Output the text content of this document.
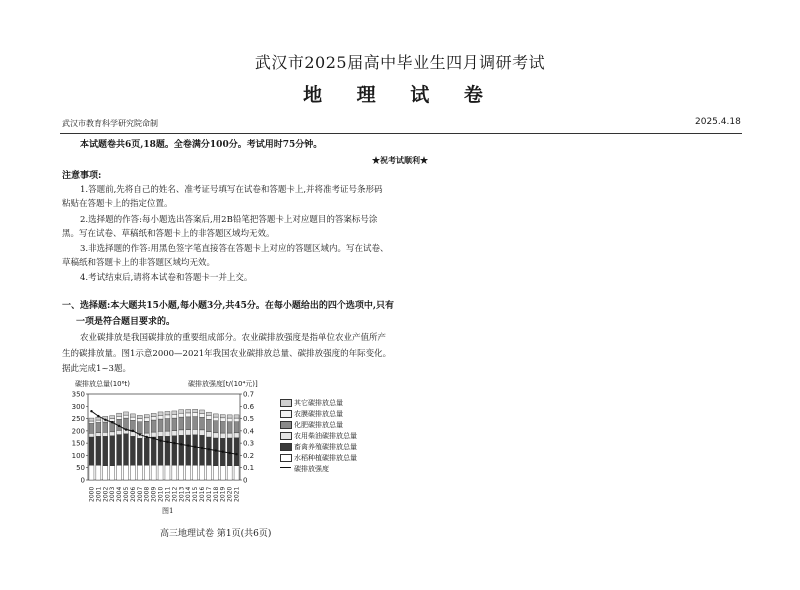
武汉市2025届高中毕业生四月调研考试
地 理 试 卷
武汉市教育科学研究院命制	2025.4.18
本试题卷共6页,18题。全卷满分100分。考试用时75分钟。
★祝考试顺利★
注意事项:
1.答题前,先将自己的姓名、准考证号填写在试卷和答题卡上,并将准考证号条形码
粘贴在答题卡上的指定位置。
2.选择题的作答:每小题选出答案后,用2B铅笔把答题卡上对应题目的答案标号涂
黑。写在试卷、草稿纸和答题卡上的非答题区域均无效。
3.非选择题的作答:用黑色签字笔直接答在答题卡上对应的答题区域内。写在试卷、
草稿纸和答题卡上的非答题区域均无效。
4.考试结束后,请将本试卷和答题卡一并上交。
一、选择题:本大题共15小题,每小题3分,共45分。在每小题给出的四个选项中,只有
一项是符合题目要求的。
农业碳排放是我国碳排放的重要组成部分。农业碳排放强度是指单位农业产值所产
生的碳排放量。图1示意2000—2021年我国农业碳排放总量、碳排放强度的年际变化。
据此完成1~3题。
350
300
250
200
150
100
50
0
0.7
0.6
0.5
0.4
0.3
0.2
0.1
0
2000 2001 2002 2003 2004 2005 2006 2007 2008 2009 2010 2011 2012 2013 2014 2015 2016 2017 2018 2019 2020 2021
碳排放总量(10⁶t)	碳排放强度[t/(10⁴元)]
其它碳排放总量
农膜碳排放总量
化肥碳排放总量
农用柴油碳排放总量
畜禽养殖碳排放总量
水稻种植碳排放总量
碳排放强度
图1
高三地理试卷 第1页(共6页)
